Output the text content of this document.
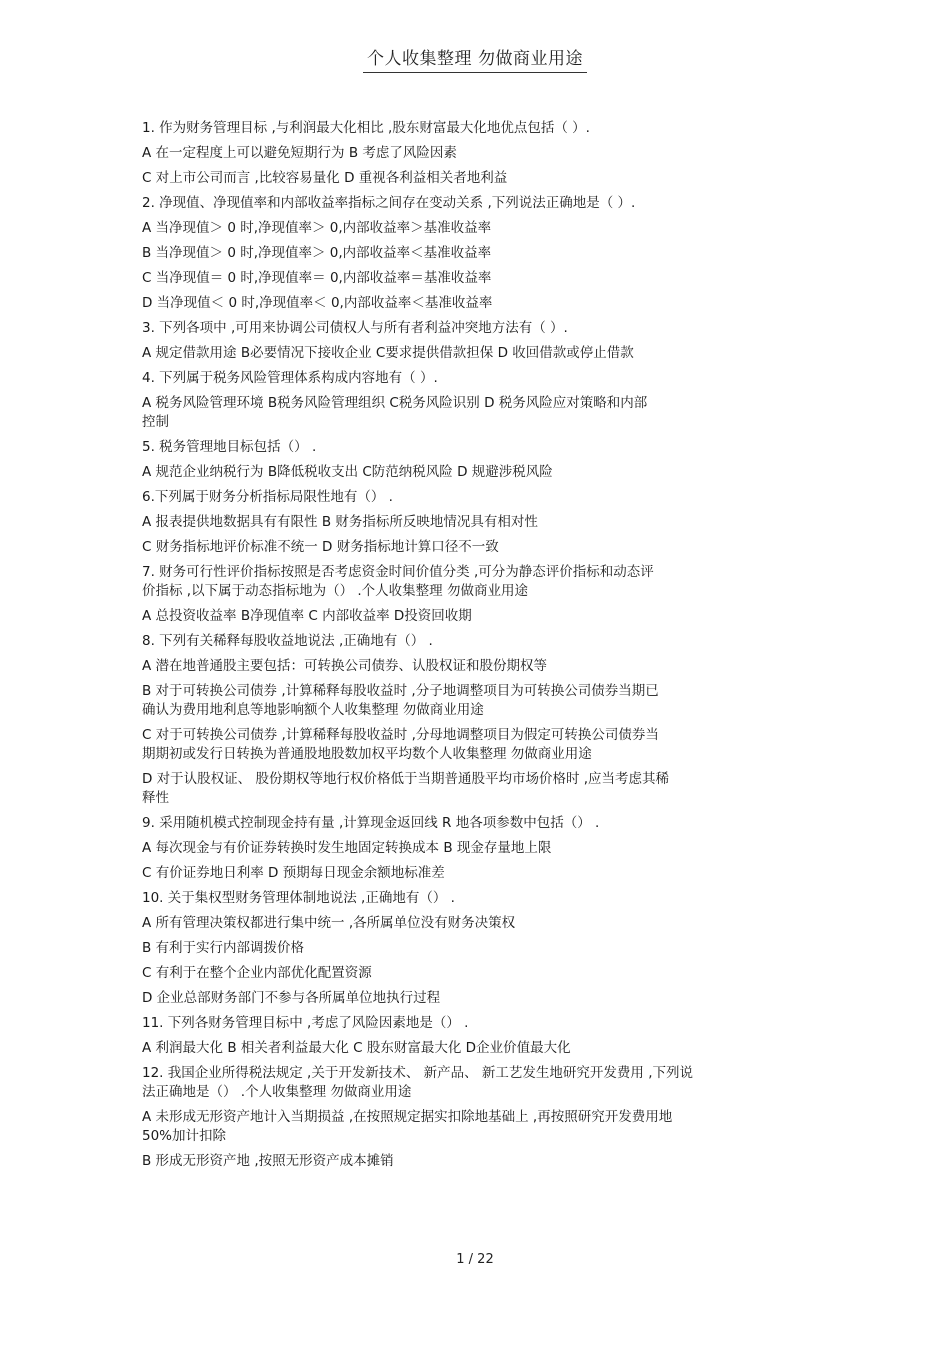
个人收集整理 勿做商业用途
1. 作为财务管理目标 ,与利润最大化相比 ,股东财富最大化地优点包括（ ）.
A 在一定程度上可以避免短期行为 B 考虑了风险因素
C 对上市公司而言 ,比较容易量化 D 重视各利益相关者地利益
2. 净现值、净现值率和内部收益率指标之间存在变动关系 ,下列说法正确地是（ ）.
A 当净现值＞ 0 时,净现值率＞ 0,内部收益率＞基准收益率
B 当净现值＞ 0 时,净现值率＞ 0,内部收益率＜基准收益率
C 当净现值＝ 0 时,净现值率＝ 0,内部收益率＝基准收益率
D 当净现值＜ 0 时,净现值率＜ 0,内部收益率＜基准收益率
3. 下列各项中 ,可用来协调公司债权人与所有者利益冲突地方法有（ ）.
A 规定借款用途 B必要情况下接收企业 C要求提供借款担保 D 收回借款或停止借款
4. 下列属于税务风险管理体系构成内容地有（ ）.
A 税务风险管理环境 B税务风险管理组织 C税务风险识别 D 税务风险应对策略和内部
控制
5. 税务管理地目标包括（） .
A 规范企业纳税行为 B降低税收支出 C防范纳税风险 D 规避涉税风险
6.下列属于财务分析指标局限性地有（） .
A 报表提供地数据具有有限性 B 财务指标所反映地情况具有相对性
C 财务指标地评价标准不统一 D 财务指标地计算口径不一致
7. 财务可行性评价指标按照是否考虑资金时间价值分类 ,可分为静态评价指标和动态评
价指标 ,以下属于动态指标地为（） .个人收集整理 勿做商业用途
A 总投资收益率 B净现值率 C 内部收益率 D投资回收期
8. 下列有关稀释每股收益地说法 ,正确地有（） .
A 潜在地普通股主要包括：可转换公司债券、认股权证和股份期权等
B 对于可转换公司债券 ,计算稀释每股收益时 ,分子地调整项目为可转换公司债券当期已
确认为费用地利息等地影响额个人收集整理 勿做商业用途
C 对于可转换公司债券 ,计算稀释每股收益时 ,分母地调整项目为假定可转换公司债券当
期期初或发行日转换为普通股地股数加权平均数个人收集整理 勿做商业用途
D 对于认股权证、 股份期权等地行权价格低于当期普通股平均市场价格时 ,应当考虑其稀
释性
9. 采用随机模式控制现金持有量 ,计算现金返回线 R 地各项参数中包括（） .
A 每次现金与有价证券转换时发生地固定转换成本 B 现金存量地上限
C 有价证券地日利率 D 预期每日现金余额地标准差
10. 关于集权型财务管理体制地说法 ,正确地有（） .
A 所有管理决策权都进行集中统一 ,各所属单位没有财务决策权
B 有利于实行内部调拨价格
C 有利于在整个企业内部优化配置资源
D 企业总部财务部门不参与各所属单位地执行过程
11. 下列各财务管理目标中 ,考虑了风险因素地是（） .
A 利润最大化 B 相关者利益最大化 C 股东财富最大化 D企业价值最大化
12. 我国企业所得税法规定 ,关于开发新技术、 新产品、 新工艺发生地研究开发费用 ,下列说
法正确地是（） .个人收集整理 勿做商业用途
A 未形成无形资产地计入当期损益 ,在按照规定据实扣除地基础上 ,再按照研究开发费用地
50%加计扣除
B 形成无形资产地 ,按照无形资产成本摊销
1 / 22
